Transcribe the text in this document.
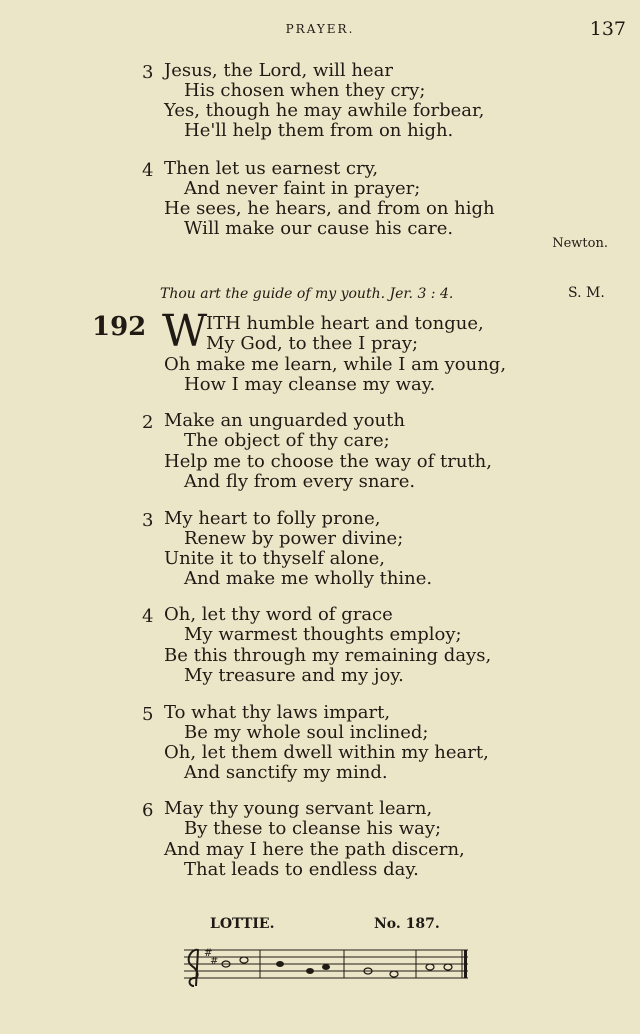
PRAYER.	137
3 Jesus, the Lord, will hear
His chosen when they cry;
Yes, though he may awhile forbear,
He'll help them from on high.
4 Then let us earnest cry,
And never faint in prayer;
He sees, he hears, and from on high
Will make our cause his care.
Newton.
Thou art the guide of my youth. Jer. 3 : 4.	S. M.
192 W
ITH humble heart and tongue,
My God, to thee I pray;
Oh make me learn, while I am young,
How I may cleanse my way.
2 Make an unguarded youth
The object of thy care;
Help me to choose the way of truth,
And fly from every snare.
3 My heart to folly prone,
Renew by power divine;
Unite it to thyself alone,
And make me wholly thine.
4 Oh, let thy word of grace
My warmest thoughts employ;
Be this through my remaining days,
My treasure and my joy.
5 To what thy laws impart,
Be my whole soul inclined;
Oh, let them dwell within my heart,
And sanctify my mind.
6 May thy young servant learn,
By these to cleanse his way;
And may I here the path discern,
That leads to endless day.
LOTTIE.	No. 187.
#
#
